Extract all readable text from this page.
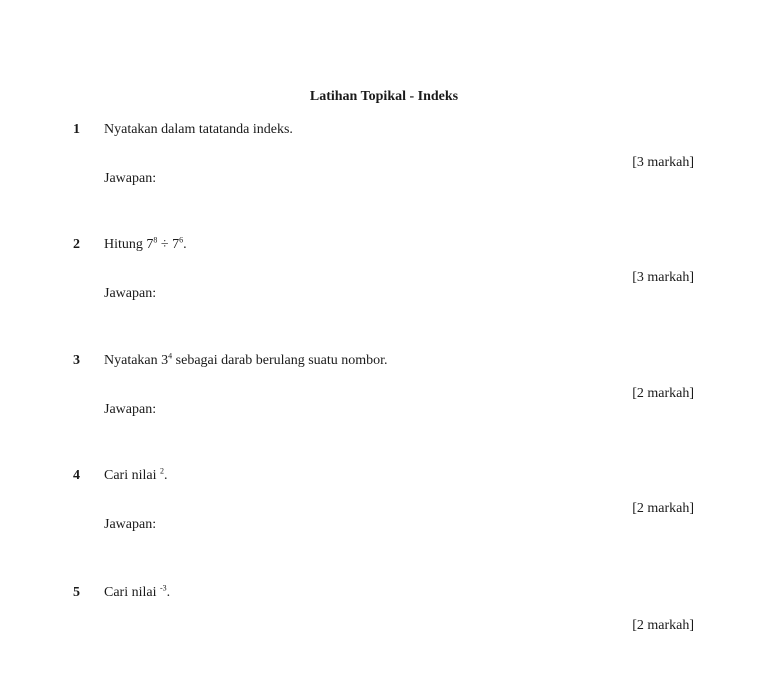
Latihan Topikal - Indeks
1 Nyatakan dalam tatatanda indeks.
[3 markah]
Jawapan:
2 Hitung $7^8 \div 7^6$.
[3 markah]
Jawapan:
3 Nyatakan $3^4$ sebagai darab berulang suatu nombor.
[2 markah]
Jawapan:
4 Cari nilai $^2$.
[2 markah]
Jawapan:
5 Cari nilai $^{-3}$.
[2 markah]
